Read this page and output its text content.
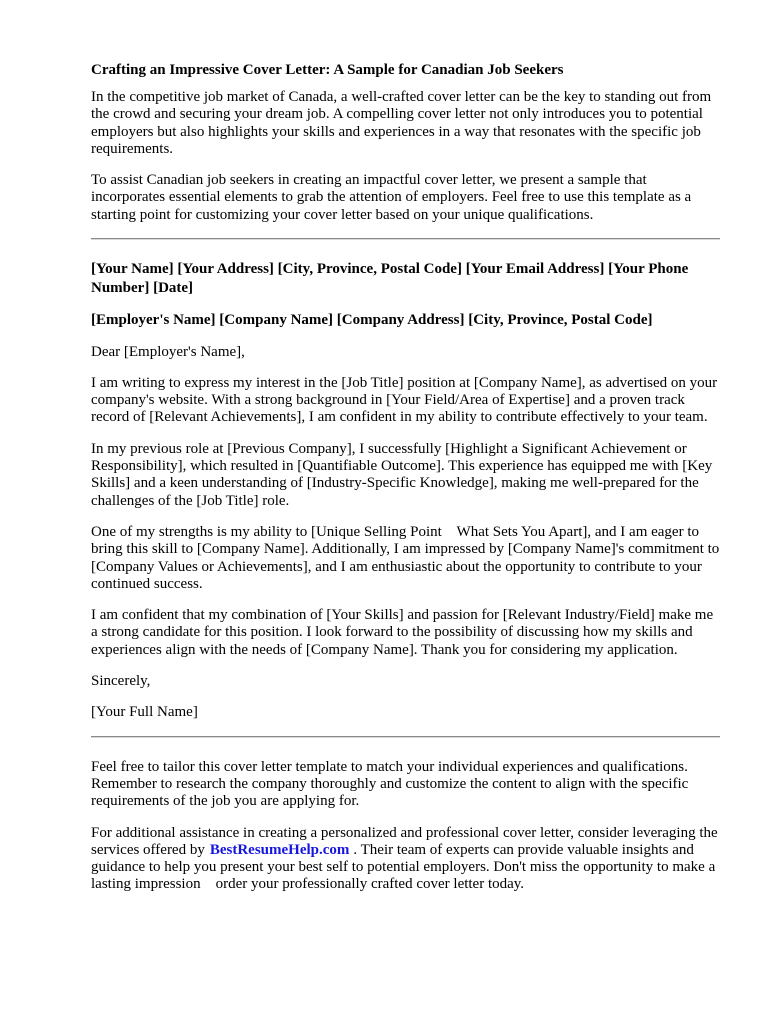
Crafting an Impressive Cover Letter: A Sample for Canadian Job Seekers

In the competitive job market of Canada, a well-crafted cover letter can be the key to standing out from the crowd and securing your dream job. A compelling cover letter not only introduces you to potential employers but also highlights your skills and experiences in a way that resonates with the specific job requirements.

To assist Canadian job seekers in creating an impactful cover letter, we present a sample that incorporates essential elements to grab the attention of employers. Feel free to use this template as a starting point for customizing your cover letter based on your unique qualifications.

[Your Name] [Your Address] [City, Province, Postal Code] [Your Email Address] [Your Phone Number] [Date]

[Employer's Name] [Company Name] [Company Address] [City, Province, Postal Code]

Dear [Employer's Name],

I am writing to express my interest in the [Job Title] position at [Company Name], as advertised on your company's website. With a strong background in [Your Field/Area of Expertise] and a proven track record of [Relevant Achievements], I am confident in my ability to contribute effectively to your team.

In my previous role at [Previous Company], I successfully [Highlight a Significant Achievement or Responsibility], which resulted in [Quantifiable Outcome]. This experience has equipped me with [Key Skills] and a keen understanding of [Industry-Specific Knowledge], making me well-prepared for the challenges of the [Job Title] role.

One of my strengths is my ability to [Unique Selling Point    What Sets You Apart], and I am eager to bring this skill to [Company Name]. Additionally, I am impressed by [Company Name]'s commitment to [Company Values or Achievements], and I am enthusiastic about the opportunity to contribute to your continued success.

I am confident that my combination of [Your Skills] and passion for [Relevant Industry/Field] make me a strong candidate for this position. I look forward to the possibility of discussing how my skills and experiences align with the needs of [Company Name]. Thank you for considering my application.

Sincerely,

[Your Full Name]

Feel free to tailor this cover letter template to match your individual experiences and qualifications. Remember to research the company thoroughly and customize the content to align with the specific requirements of the job you are applying for.

For additional assistance in creating a personalized and professional cover letter, consider leveraging the services offered by BestResumeHelp.com . Their team of experts can provide valuable insights and guidance to help you present your best self to potential employers. Don't miss the opportunity to make a lasting impression    order your professionally crafted cover letter today.
